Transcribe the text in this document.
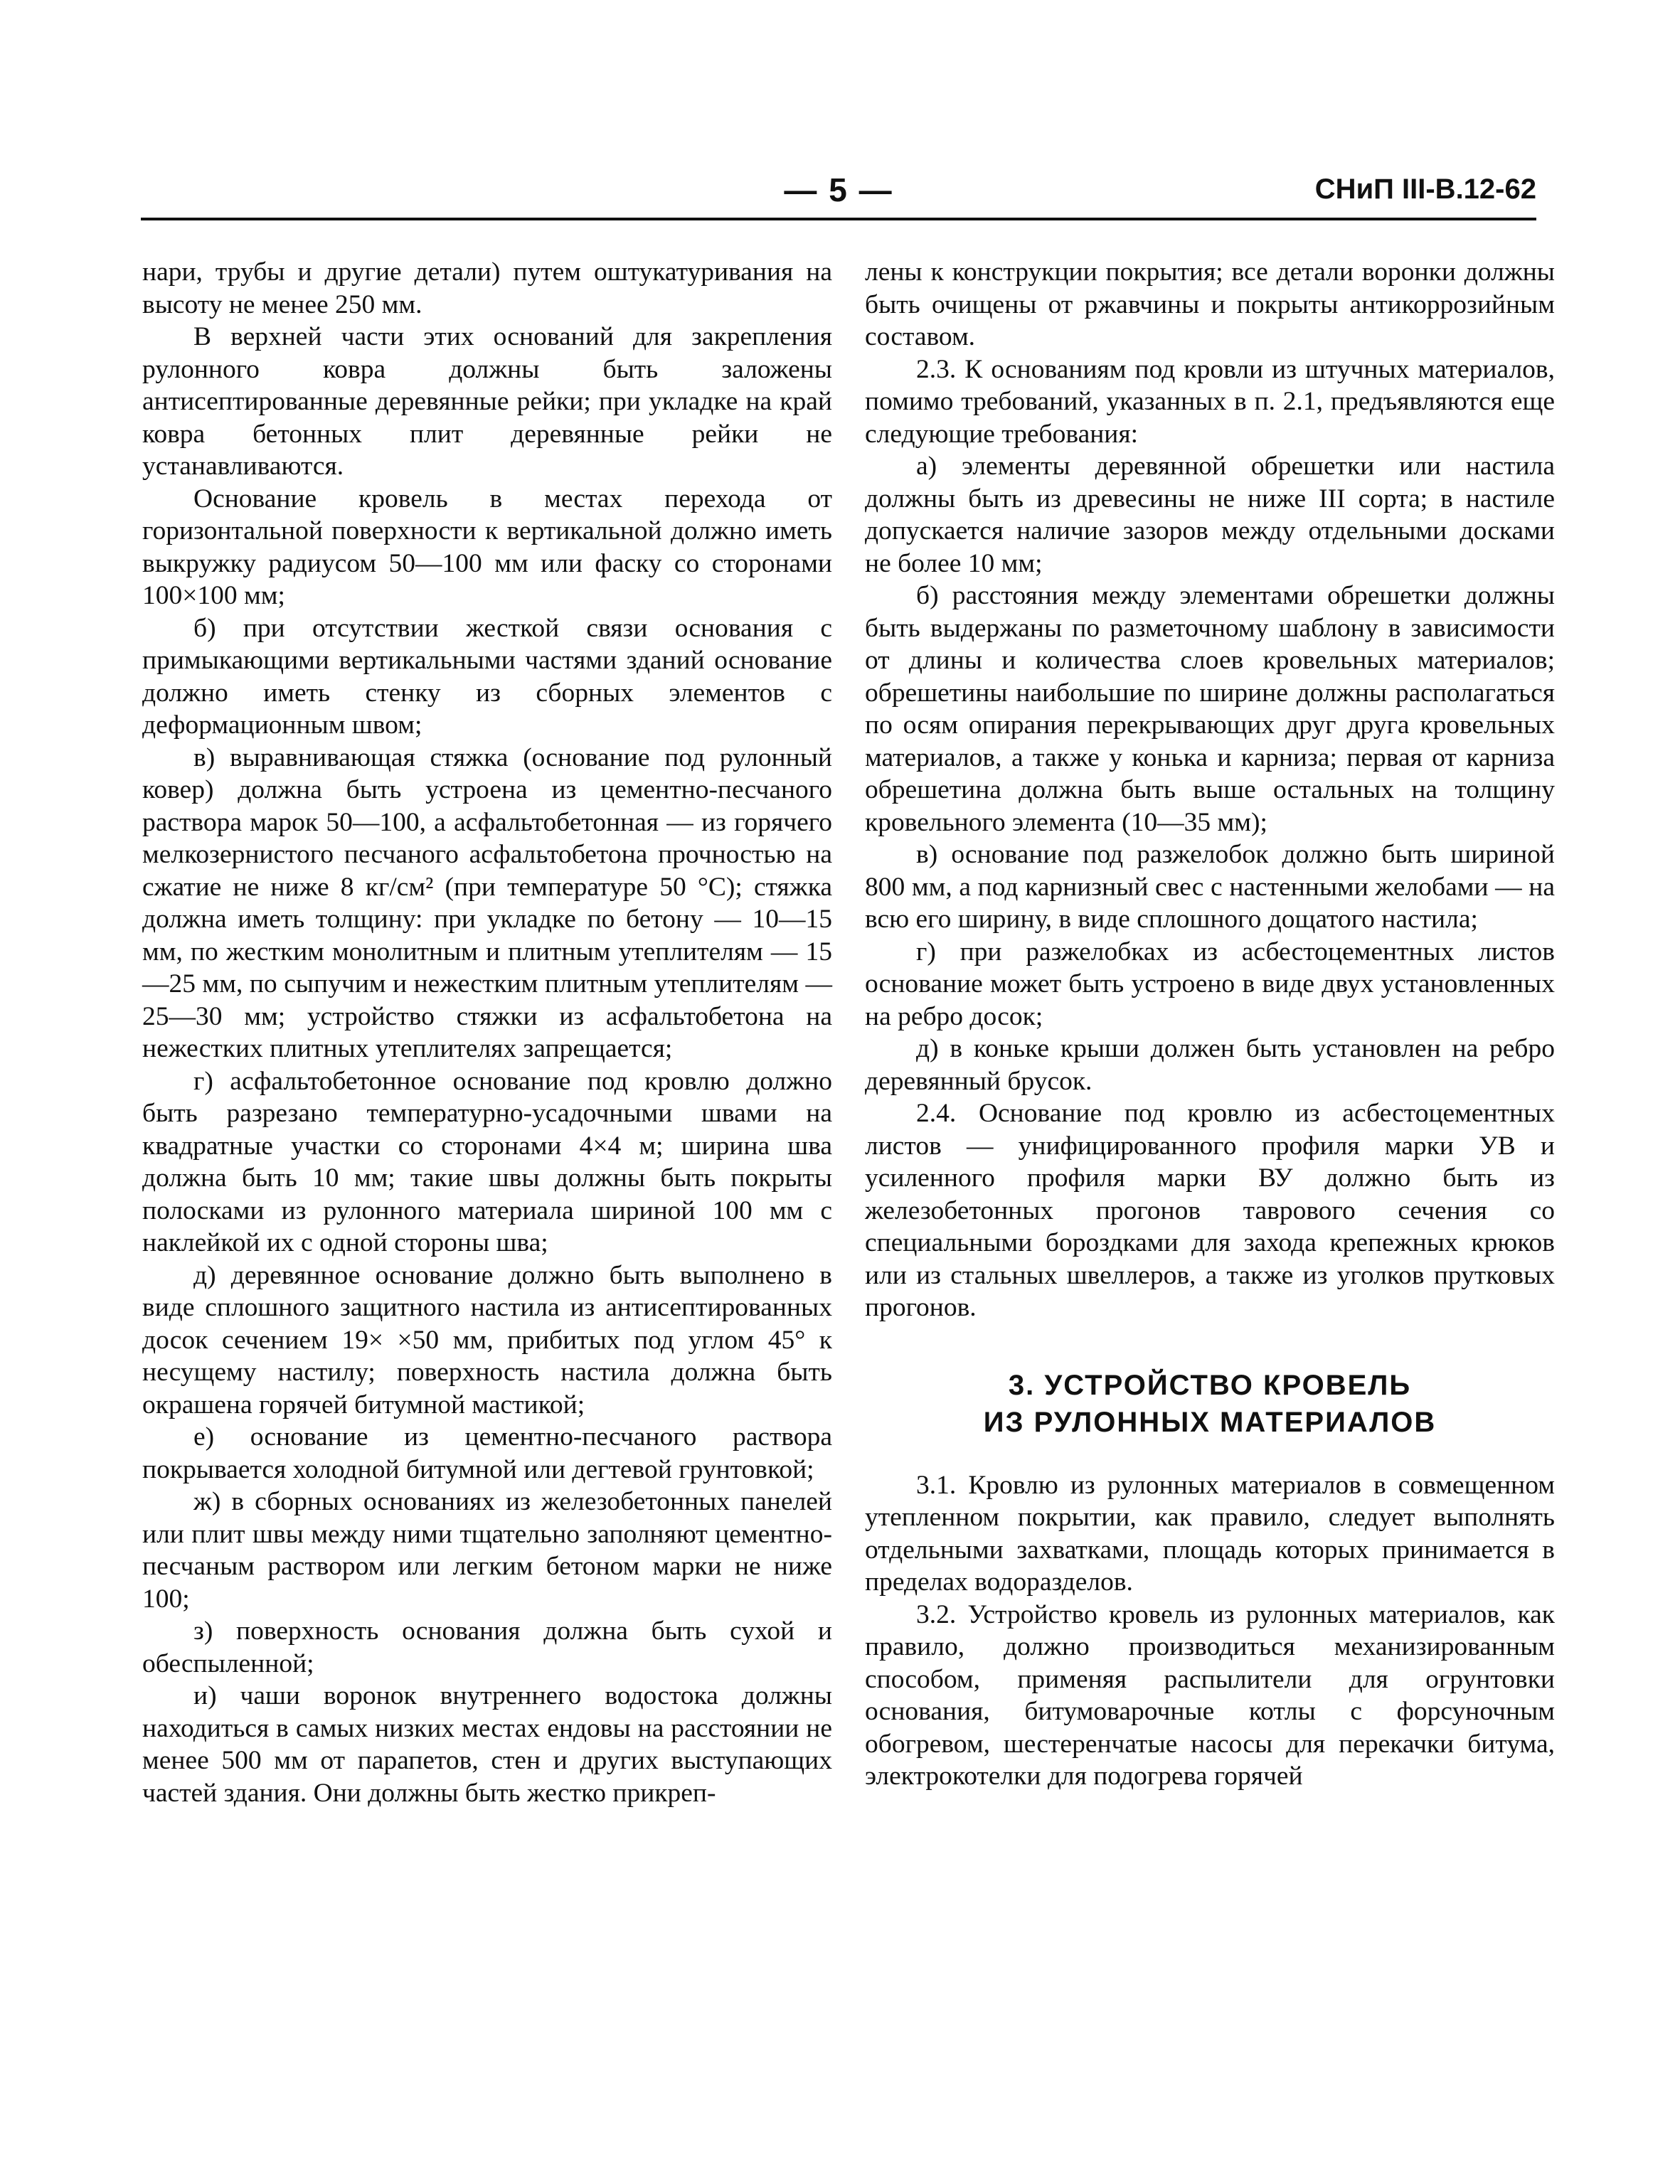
— 5 —	СНиП III-В.12-62

нари, трубы и другие детали) путем оштукатуривания на высоту не менее 250 мм.

В верхней части этих оснований для закрепления рулонного ковра должны быть заложены антисептированные деревянные рейки; при укладке на край ковра бетонных плит деревянные рейки не устанавливаются.

Основание кровель в местах перехода от горизонтальной поверхности к вертикальной должно иметь выкружку радиусом 50—100 мм или фаску со сторонами 100×100 мм;

б) при отсутствии жесткой связи основания с примыкающими вертикальными частями зданий основание должно иметь стенку из сборных элементов с деформационным швом;

в) выравнивающая стяжка (основание под рулонный ковер) должна быть устроена из цементно-песчаного раствора марок 50—100, а асфальтобетонная — из горячего мелкозернистого песчаного асфальтобетона прочностью на сжатие не ниже 8 кг/см² (при температуре 50 °С); стяжка должна иметь толщину: при укладке по бетону — 10—15 мм, по жестким монолитным и плитным утеплителям — 15—25 мм, по сыпучим и нежестким плитным утеплителям — 25—30 мм; устройство стяжки из асфальтобетона на нежестких плитных утеплителях запрещается;

г) асфальтобетонное основание под кровлю должно быть разрезано температурно-усадочными швами на квадратные участки со сторонами 4×4 м; ширина шва должна быть 10 мм; такие швы должны быть покрыты полосками из рулонного материала шириной 100 мм с наклейкой их с одной стороны шва;

д) деревянное основание должно быть выполнено в виде сплошного защитного настила из антисептированных досок сечением 19× ×50 мм, прибитых под углом 45° к несущему настилу; поверхность настила должна быть окрашена горячей битумной мастикой;

е) основание из цементно-песчаного раствора покрывается холодной битумной или дегтевой грунтовкой;

ж) в сборных основаниях из железобетонных панелей или плит швы между ними тщательно заполняют цементно-песчаным раствором или легким бетоном марки не ниже 100;

з) поверхность основания должна быть сухой и обеспыленной;

и) чаши воронок внутреннего водостока должны находиться в самых низких местах ендовы на расстоянии не менее 500 мм от парапетов, стен и других выступающих частей здания. Они должны быть жестко прикреп-

лены к конструкции покрытия; все детали воронки должны быть очищены от ржавчины и покрыты антикоррозийным составом.

2.3. К основаниям под кровли из штучных материалов, помимо требований, указанных в п. 2.1, предъявляются еще следующие требования:

а) элементы деревянной обрешетки или настила должны быть из древесины не ниже III сорта; в настиле допускается наличие зазоров между отдельными досками не более 10 мм;

б) расстояния между элементами обрешетки должны быть выдержаны по разметочному шаблону в зависимости от длины и количества слоев кровельных материалов; обрешетины наибольшие по ширине должны располагаться по осям опирания перекрывающих друг друга кровельных материалов, а также у конька и карниза; первая от карниза обрешетина должна быть выше остальных на толщину кровельного элемента (10—35 мм);

в) основание под разжелобок должно быть шириной 800 мм, а под карнизный свес с настенными желобами — на всю его ширину, в виде сплошного дощатого настила;

г) при разжелобках из асбестоцементных листов основание может быть устроено в виде двух установленных на ребро досок;

д) в коньке крыши должен быть установлен на ребро деревянный брусок.

2.4. Основание под кровлю из асбестоцементных листов — унифицированного профиля марки УВ и усиленного профиля марки ВУ должно быть из железобетонных прогонов таврового сечения со специальными бороздками для захода крепежных крюков или из стальных швеллеров, а также из уголков прутковых прогонов.

3. УСТРОЙСТВО КРОВЕЛЬ
ИЗ РУЛОННЫХ МАТЕРИАЛОВ

3.1. Кровлю из рулонных материалов в совмещенном утепленном покрытии, как правило, следует выполнять отдельными захватками, площадь которых принимается в пределах водоразделов.

3.2. Устройство кровель из рулонных материалов, как правило, должно производиться механизированным способом, применяя распылители для огрунтовки основания, битумоварочные котлы с форсуночным обогревом, шестеренчатые насосы для перекачки битума, электрокотелки для подогрева горячей
